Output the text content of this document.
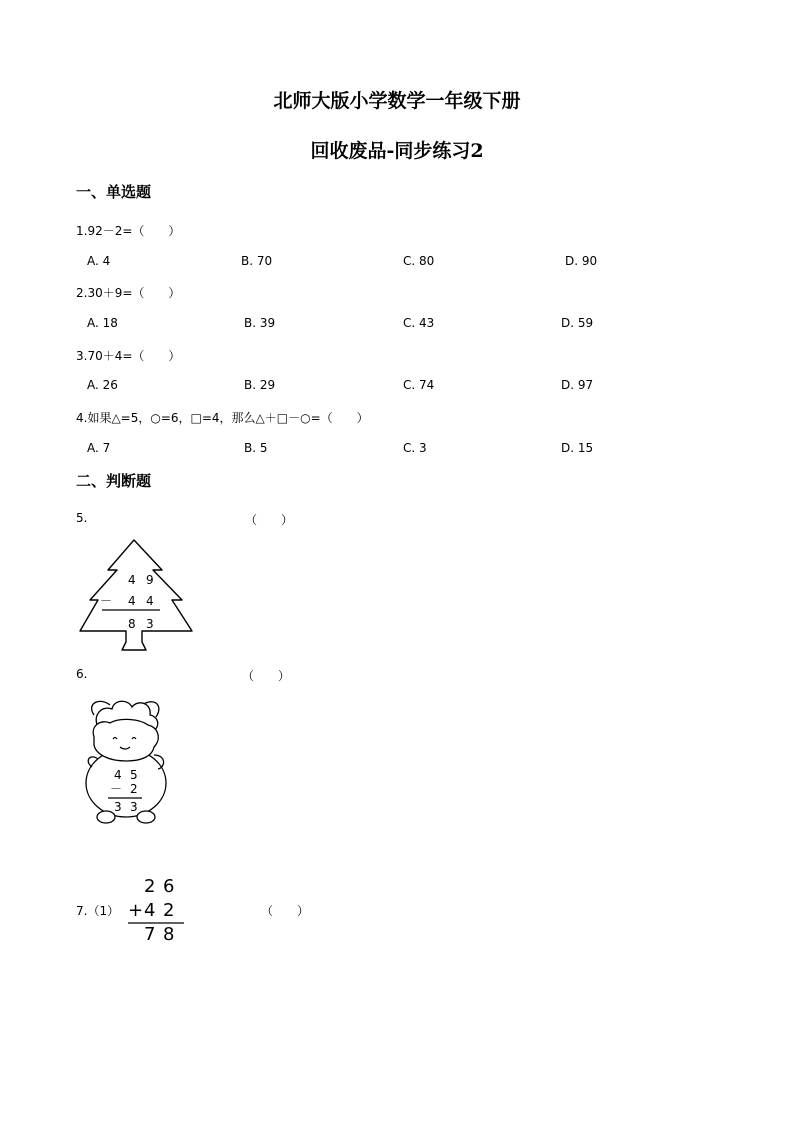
北师大版小学数学一年级下册
回收废品-同步练习2
一、单选题
1.92－2=（　　）
A. 4	B. 70	C. 80	D. 90
2.30＋9=（　　）
A. 18	B. 39	C. 43	D. 59
3.70＋4=（　　）
A. 26	B. 29	C. 74	D. 97
4.如果△=5，○=6，□=4，那么△＋□－○=（　　）
A. 7	B. 5	C. 3	D. 15
二、判断题
5.	（　　）
4 9
－ 4 4
8 3
6.	（　　）
4 5
－ 2
3 3
7.（1）
2 6
+ 4 2
7 8
（　　）
